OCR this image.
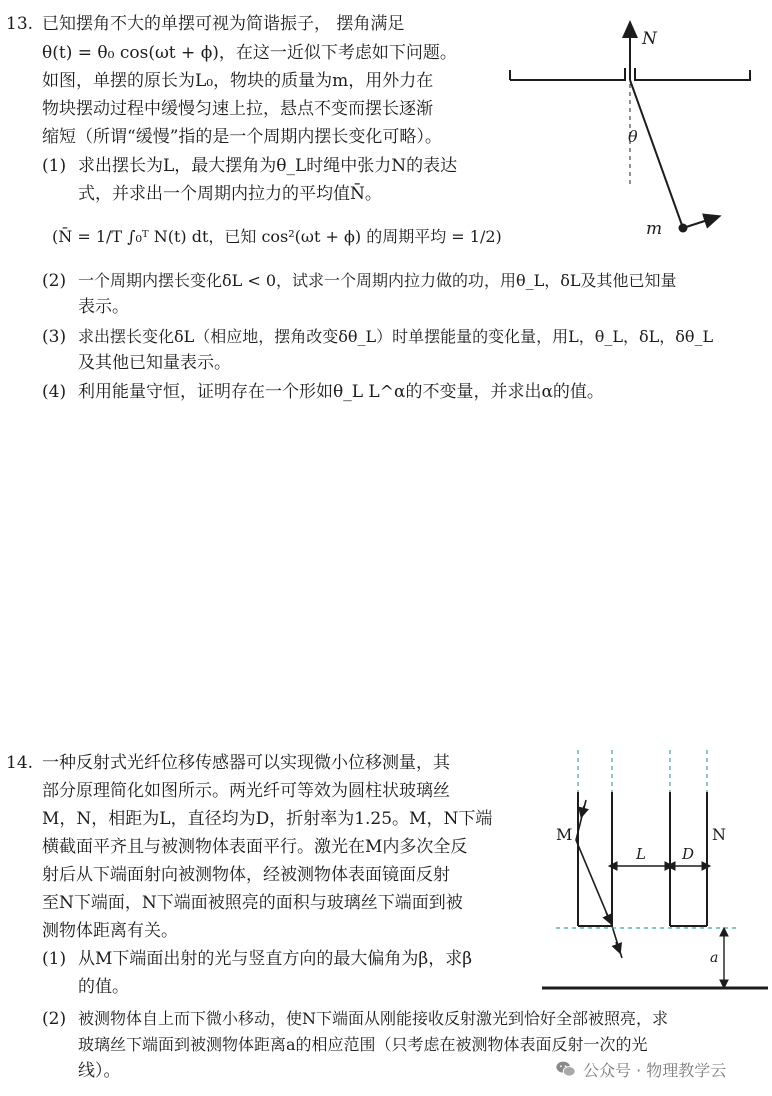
13. 已知摆角不大的单摆可视为简谐振子， 摆角满足
θ(t) = θ₀ cos(ωt + ϕ)，在这一近似下考虑如下问题。
如图，单摆的原长为L₀，物块的质量为m，用外力在
物块摆动过程中缓慢匀速上拉，悬点不变而摆长逐渐
缩短（所谓“缓慢”指的是一个周期内摆长变化可略）。
(1) 求出摆长为L，最大摆角为θ_L时绳中张力N的表达
式，并求出一个周期内拉力的平均值N̄。
(N̄ = 1/T ∫₀ᵀ N(t) dt，已知 cos²(ωt + ϕ) 的周期平均 = 1/2)
(2) 一个周期内摆长变化δL < 0，试求一个周期内拉力做的功，用θ_L，δL及其他已知量
表示。
(3) 求出摆长变化δL（相应地，摆角改变δθ_L）时单摆能量的变化量，用L，θ_L，δL，δθ_L
及其他已知量表示。
(4) 利用能量守恒，证明存在一个形如θ_L L^α的不变量，并求出α的值。
N
θ
m
14. 一种反射式光纤位移传感器可以实现微小位移测量，其
部分原理简化如图所示。两光纤可等效为圆柱状玻璃丝
M，N，相距为L，直径均为D，折射率为1.25。M，N下端
横截面平齐且与被测物体表面平行。激光在M内多次全反
射后从下端面射向被测物体，经被测物体表面镜面反射
至N下端面，N下端面被照亮的面积与玻璃丝下端面到被
测物体距离有关。
(1) 从M下端面出射的光与竖直方向的最大偏角为β，求β
的值。
(2) 被测物体自上而下微小移动，使N下端面从刚能接收反射激光到恰好全部被照亮，求
玻璃丝下端面到被测物体距离a的相应范围（只考虑在被测物体表面反射一次的光
线）。
M	N
L D
a
公众号 · 物理教学云
